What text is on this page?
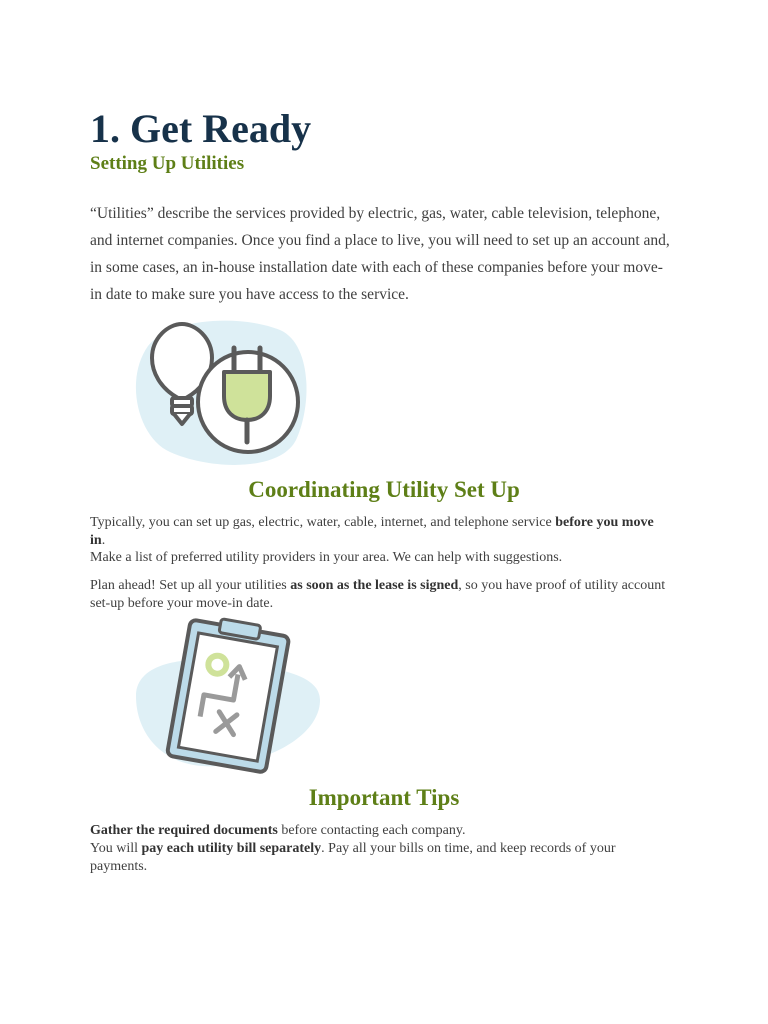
1. Get Ready
Setting Up Utilities

“Utilities” describe the services provided by electric, gas, water, cable television, telephone, and internet companies. Once you find a place to live, you will need to set up an account and, in some cases, an in-house installation date with each of these companies before your move-in date to make sure you have access to the service.

Coordinating Utility Set Up

Typically, you can set up gas, electric, water, cable, internet, and telephone service before you move in.

Make a list of preferred utility providers in your area. We can help with suggestions.

Plan ahead! Set up all your utilities as soon as the lease is signed, so you have proof of utility account set-up before your move-in date.

Important Tips

Gather the required documents before contacting each company.

You will pay each utility bill separately. Pay all your bills on time, and keep records of your payments.
